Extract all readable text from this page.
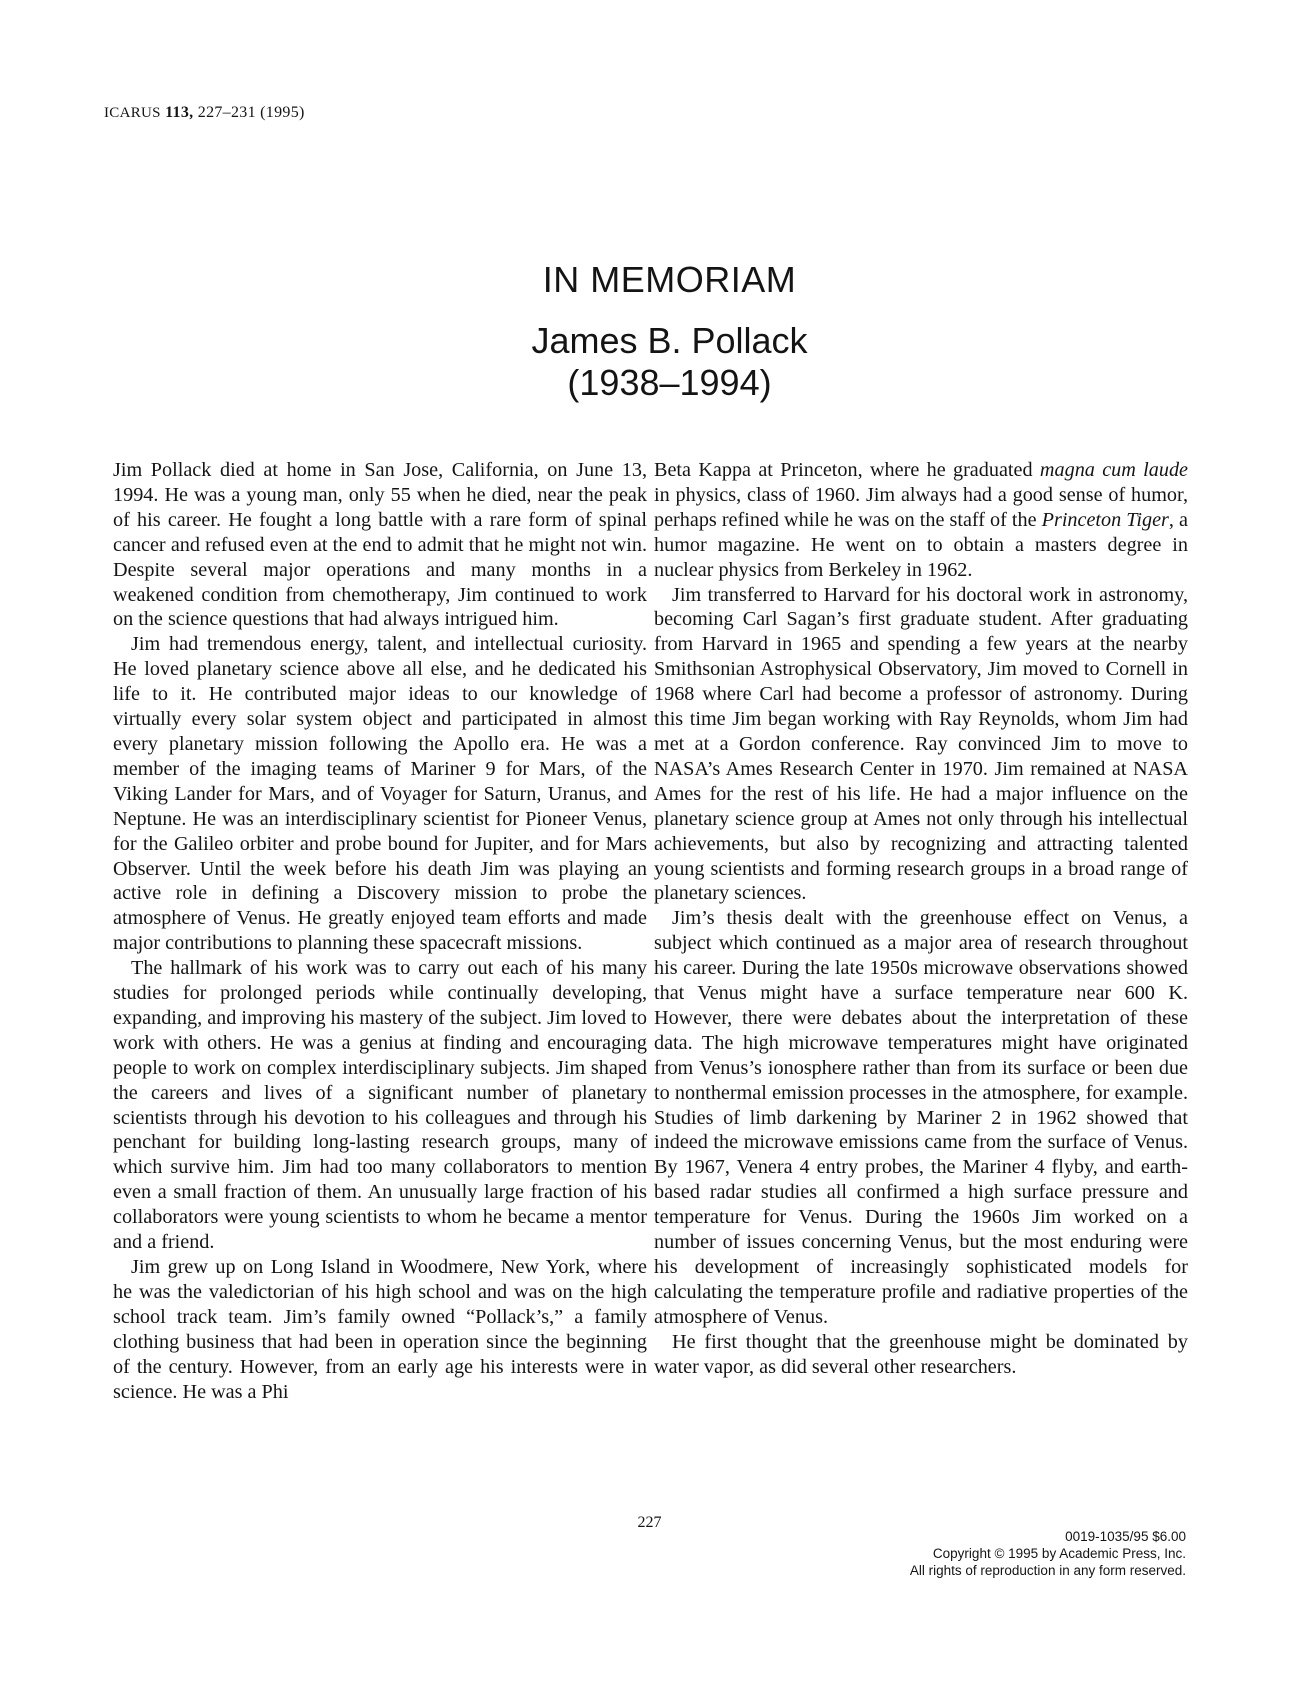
ICARUS 113, 227–231 (1995)
IN MEMORIAM
James B. Pollack
(1938–1994)

Jim Pollack died at home in San Jose, California, on June 13, 1994. He was a young man, only 55 when he died, near the peak of his career. He fought a long battle with a rare form of spinal cancer and refused even at the end to admit that he might not win. Despite several major operations and many months in a weakened condition from chemotherapy, Jim continued to work on the science questions that had always intrigued him.

Jim had tremendous energy, talent, and intellectual curiosity. He loved planetary science above all else, and he dedicated his life to it. He contributed major ideas to our knowledge of virtually every solar system object and participated in almost every planetary mission following the Apollo era. He was a member of the imaging teams of Mariner 9 for Mars, of the Viking Lander for Mars, and of Voyager for Saturn, Uranus, and Neptune. He was an interdisciplinary scientist for Pioneer Venus, for the Galileo orbiter and probe bound for Jupiter, and for Mars Observer. Until the week before his death Jim was playing an active role in defining a Discovery mission to probe the atmosphere of Venus. He greatly enjoyed team efforts and made major contributions to planning these spacecraft missions.

The hallmark of his work was to carry out each of his many studies for prolonged periods while continually developing, expanding, and improving his mastery of the subject. Jim loved to work with others. He was a genius at finding and encouraging people to work on complex interdisciplinary subjects. Jim shaped the careers and lives of a significant number of planetary scientists through his devotion to his colleagues and through his penchant for building long-lasting research groups, many of which survive him. Jim had too many collaborators to mention even a small fraction of them. An unusually large fraction of his collaborators were young scientists to whom he became a mentor and a friend.

Jim grew up on Long Island in Woodmere, New York, where he was the valedictorian of his high school and was on the high school track team. Jim’s family owned “Pollack’s,” a family clothing business that had been in operation since the beginning of the century. However, from an early age his interests were in science. He was a Phi

Beta Kappa at Princeton, where he graduated magna cum laude in physics, class of 1960. Jim always had a good sense of humor, perhaps refined while he was on the staff of the Princeton Tiger, a humor magazine. He went on to obtain a masters degree in nuclear physics from Berkeley in 1962.

Jim transferred to Harvard for his doctoral work in astronomy, becoming Carl Sagan’s first graduate student. After graduating from Harvard in 1965 and spending a few years at the nearby Smithsonian Astrophysical Observatory, Jim moved to Cornell in 1968 where Carl had become a professor of astronomy. During this time Jim began working with Ray Reynolds, whom Jim had met at a Gordon conference. Ray convinced Jim to move to NASA’s Ames Research Center in 1970. Jim remained at NASA Ames for the rest of his life. He had a major influence on the planetary science group at Ames not only through his intellectual achievements, but also by recognizing and attracting talented young scientists and forming research groups in a broad range of planetary sciences.

Jim’s thesis dealt with the greenhouse effect on Venus, a subject which continued as a major area of research throughout his career. During the late 1950s microwave observations showed that Venus might have a surface temperature near 600 K. However, there were debates about the interpretation of these data. The high microwave temperatures might have originated from Venus’s ionosphere rather than from its surface or been due to nonthermal emission processes in the atmosphere, for example. Studies of limb darkening by Mariner 2 in 1962 showed that indeed the microwave emissions came from the surface of Venus. By 1967, Venera 4 entry probes, the Mariner 4 flyby, and earth-based radar studies all confirmed a high surface pressure and temperature for Venus. During the 1960s Jim worked on a number of issues concerning Venus, but the most enduring were his development of increasingly sophisticated models for calculating the temperature profile and radiative properties of the atmosphere of Venus.

He first thought that the greenhouse might be dominated by water vapor, as did several other researchers.

227
0019-1035/95 $6.00
Copyright © 1995 by Academic Press, Inc.
All rights of reproduction in any form reserved.
